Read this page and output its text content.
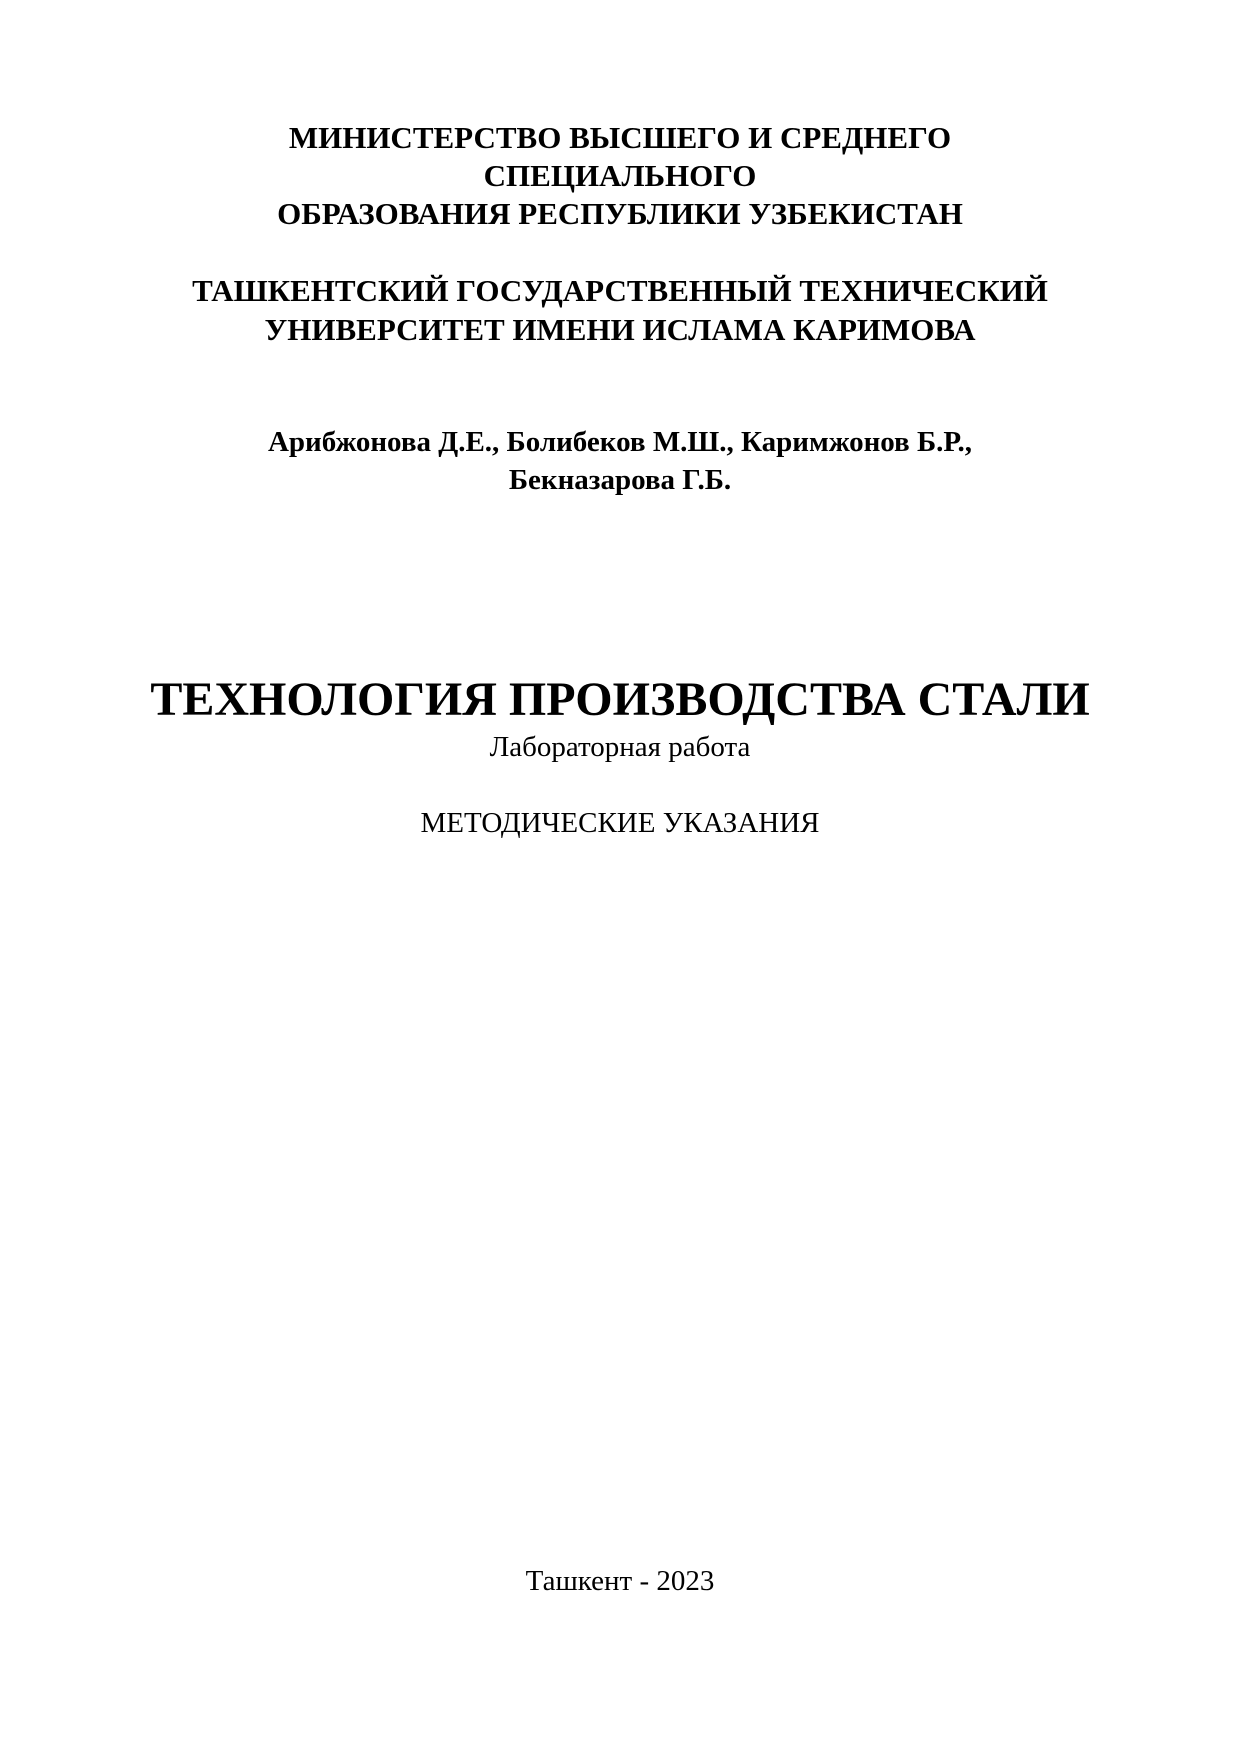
МИНИСТЕРСТВО ВЫСШЕГО И СРЕДНЕГО
СПЕЦИАЛЬНОГО
ОБРАЗОВАНИЯ РЕСПУБЛИКИ УЗБЕКИСТАН
ТАШКЕНТСКИЙ ГОСУДАРСТВЕННЫЙ ТЕХНИЧЕСКИЙ
УНИВЕРСИТЕТ ИМЕНИ ИСЛАМА КАРИМОВА
Арибжонова Д.Е., Болибеков М.Ш., Каримжонов Б.Р.,
Бекназарова Г.Б.
ТЕХНОЛОГИЯ ПРОИЗВОДСТВА СТАЛИ
Лабораторная работа
МЕТОДИЧЕСКИЕ УКАЗАНИЯ
Ташкент - 2023
